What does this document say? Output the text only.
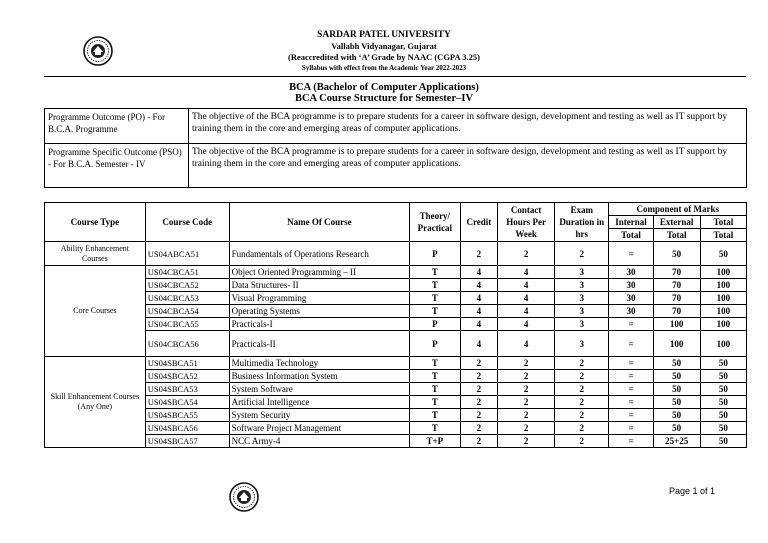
SARDAR PATEL UNIVERSITY
Vallabh Vidyanagar, Gujarat
(Reaccredited with ‘A’ Grade by NAAC (CGPA 3.25)
Syllabus with effect from the Academic Year 2022-2023
BCA (Bachelor of Computer Applications)
BCA Course Structure for Semester–IV
Programme Outcome (PO) - For B.C.A. Programme	The objective of the BCA programme is to prepare students for a career in software design, development and testing as well as IT support by training them in the core and emerging areas of computer applications.
Programme Specific Outcome (PSO) - For B.C.A. Semester - IV	The objective of the BCA programme is to prepare students for a career in software design, development and testing as well as IT support by training them in the core and emerging areas of computer applications.
Course Type	Course Code	Name Of Course	Theory/ Practical	Credit	Contact Hours Per Week	Exam Duration in hrs	Component of Marks		
							Internal	External	Total
							Total	Total	Total
Ability Enhancement Courses	US04ABCA51	Fundamentals of Operations Research	P	2	2	2	=	50	50
Core Courses	US04CBCA51	Object Oriented Programming – II	T	4	4	3	30	70	100
	US04CBCA52	Data Structures- II	T	4	4	3	30	70	100
	US04CBCA53	Visual Programming	T	4	4	3	30	70	100
	US04CBCA54	Operating Systems	T	4	4	3	30	70	100
	US04CBCA55	Practicals-I	P	4	4	3	=	100	100
	US04CBCA56	Practicals-II	P	4	4	3	=	100	100
Skill Enhancement Courses (Any One)	US04SBCA51	Multimedia Technology	T	2	2	2	=	50	50
	US04SBCA52	Business Information System	T	2	2	2	=	50	50
	US04SBCA53	System Software	T	2	2	2	=	50	50
	US04SBCA54	Artificial Intelligence	T	2	2	2	=	50	50
	US04SBCA55	System Security	T	2	2	2	=	50	50
	US04SBCA56	Software Project Management	T	2	2	2	=	50	50
	US04SBCA57	NCC Army-4	T+P	2	2	2	=	25+25	50
Page 1 of 1
